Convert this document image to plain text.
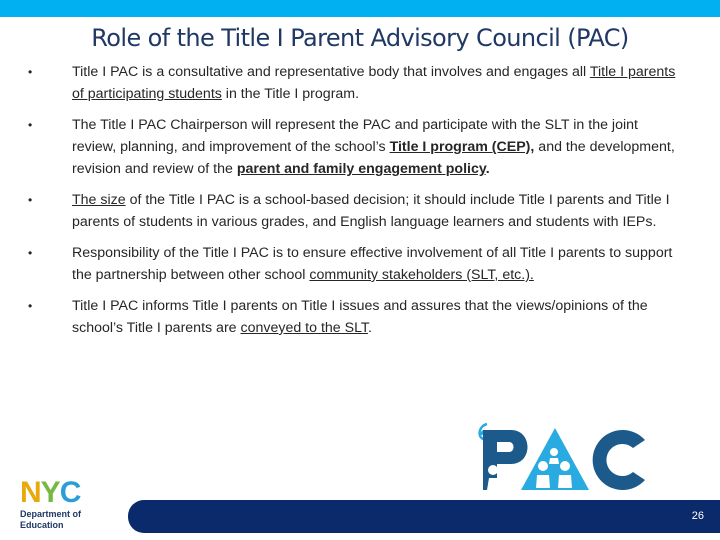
Role of the Title I Parent Advisory Council (PAC)
•	Title I PAC is a consultative and representative body that involves and engages all Title I parents of participating students in the Title I program.
•	The Title I PAC Chairperson will represent the PAC and participate with the SLT in the joint review, planning, and improvement of the school’s Title I program (CEP), and the development, revision and review of the parent and family engagement policy.
•	The size of the Title I PAC is a school-based decision; it should include Title I parents and Title I parents of students in various grades, and English language learners and students with IEPs.
•	Responsibility of the Title I PAC is to ensure effective involvement of all Title I parents to support the partnership between other school community stakeholders (SLT, etc.).
•	Title I PAC informs Title I parents on Title I issues and assures that the views/opinions of the school’s Title I parents are conveyed to the SLT.
NYC
Department of
Education
26
